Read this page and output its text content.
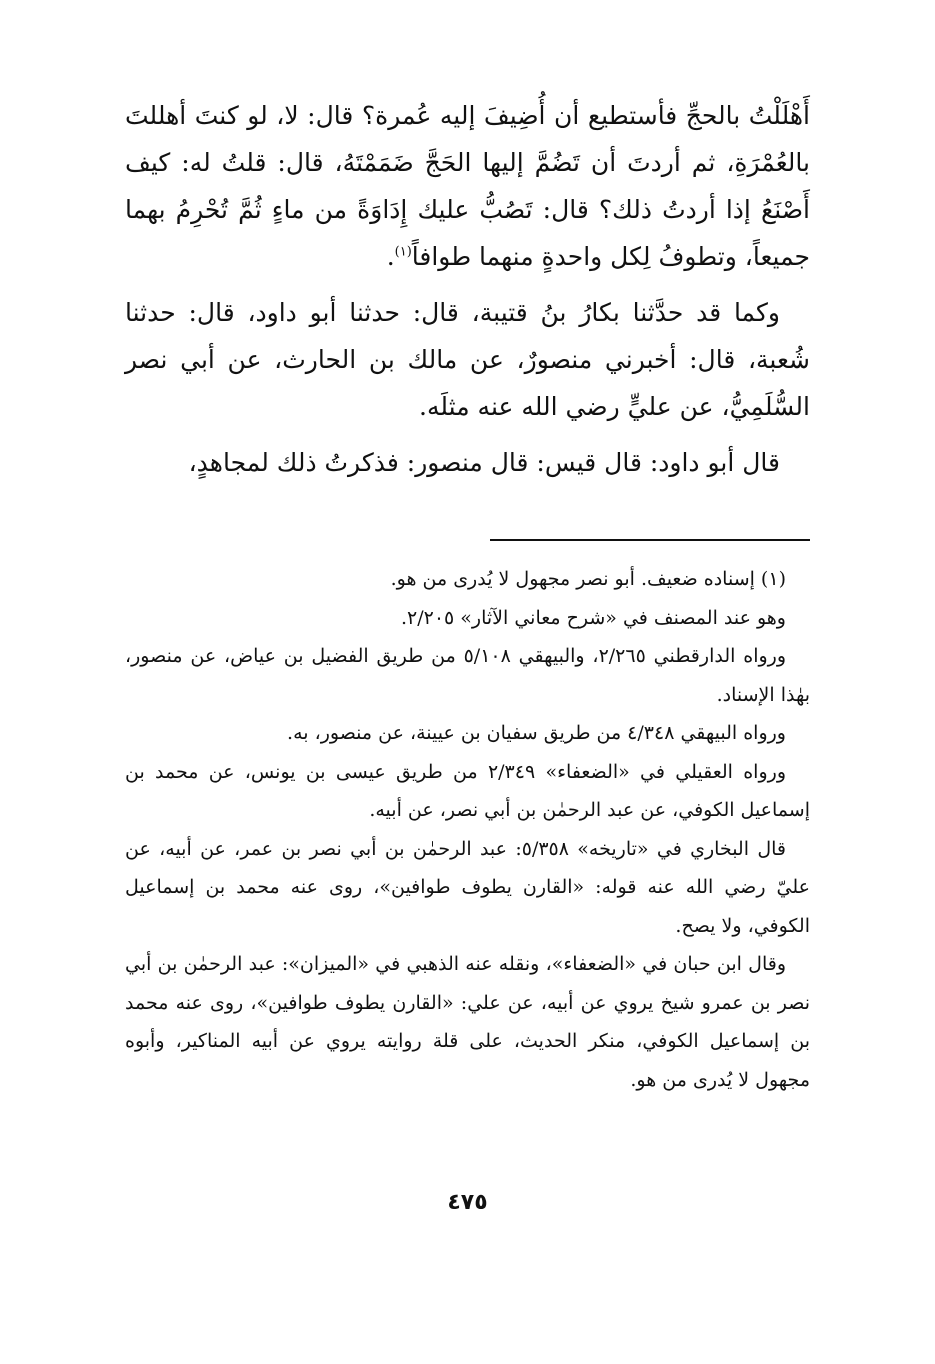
أَهْلَلْتُ بالحجِّ فأستطيع أن أُضِيفَ إليه عُمرة؟ قال: لا، لو كنتَ أهللتَ بالعُمْرَةِ، ثم أردتَ أن تَضُمَّ إليها الحَجَّ ضَمَمْتَهُ، قال: قلتُ له: كيف أَصْنَعُ إذا أردتُ ذلك؟ قال: تَصُبُّ عليك إِدَاوَةً من ماءٍ ثُمَّ تُحْرِمُ بهما جميعاً، وتطوفُ لِكل واحدةٍ منهما طوافاً$^{(١)}$.

وكما قد حدَّثنا بكارُ بنُ قتيبة، قال: حدثنا أبو داود، قال: حدثنا شُعبة، قال: أخبرني منصورٌ، عن مالك بن الحارث، عن أبي نصر السُّلَمِيُّ، عن عليٍّ رضي الله عنه مثلَه.

قال أبو داود: قال قيس: قال منصور: فذكرتُ ذلك لمجاهدٍ،

(١) إسناده ضعيف. أبو نصر مجهول لا يُدرى من هو.

وهو عند المصنف في «شرح معاني الآثار» ٢/٢٠٥.

ورواه الدارقطني ٢/٢٦٥، والبيهقي ٥/١٠٨ من طريق الفضيل بن عياض، عن منصور، بهٰذا الإسناد.

ورواه البيهقي ٤/٣٤٨ من طريق سفيان بن عيينة، عن منصور، به.

ورواه العقيلي في «الضعفاء» ٢/٣٤٩ من طريق عيسى بن يونس، عن محمد بن إسماعيل الكوفي، عن عبد الرحمٰن بن أبي نصر، عن أبيه.

قال البخاري في «تاريخه» ٥/٣٥٨: عبد الرحمٰن بن أبي نصر بن عمر، عن أبيه، عن عليّ رضي الله عنه قوله: «القارن يطوف طوافين»، روى عنه محمد بن إسماعيل الكوفي، ولا يصح.

وقال ابن حبان في «الضعفاء»، ونقله عنه الذهبي في «الميزان»: عبد الرحمٰن بن أبي نصر بن عمرو شيخ يروي عن أبيه، عن علي: «القارن يطوف طوافين»، روى عنه محمد بن إسماعيل الكوفي، منكر الحديث، على قلة روايته يروي عن أبيه المناكير، وأبوه مجهول لا يُدرى من هو.

٤٧٥
